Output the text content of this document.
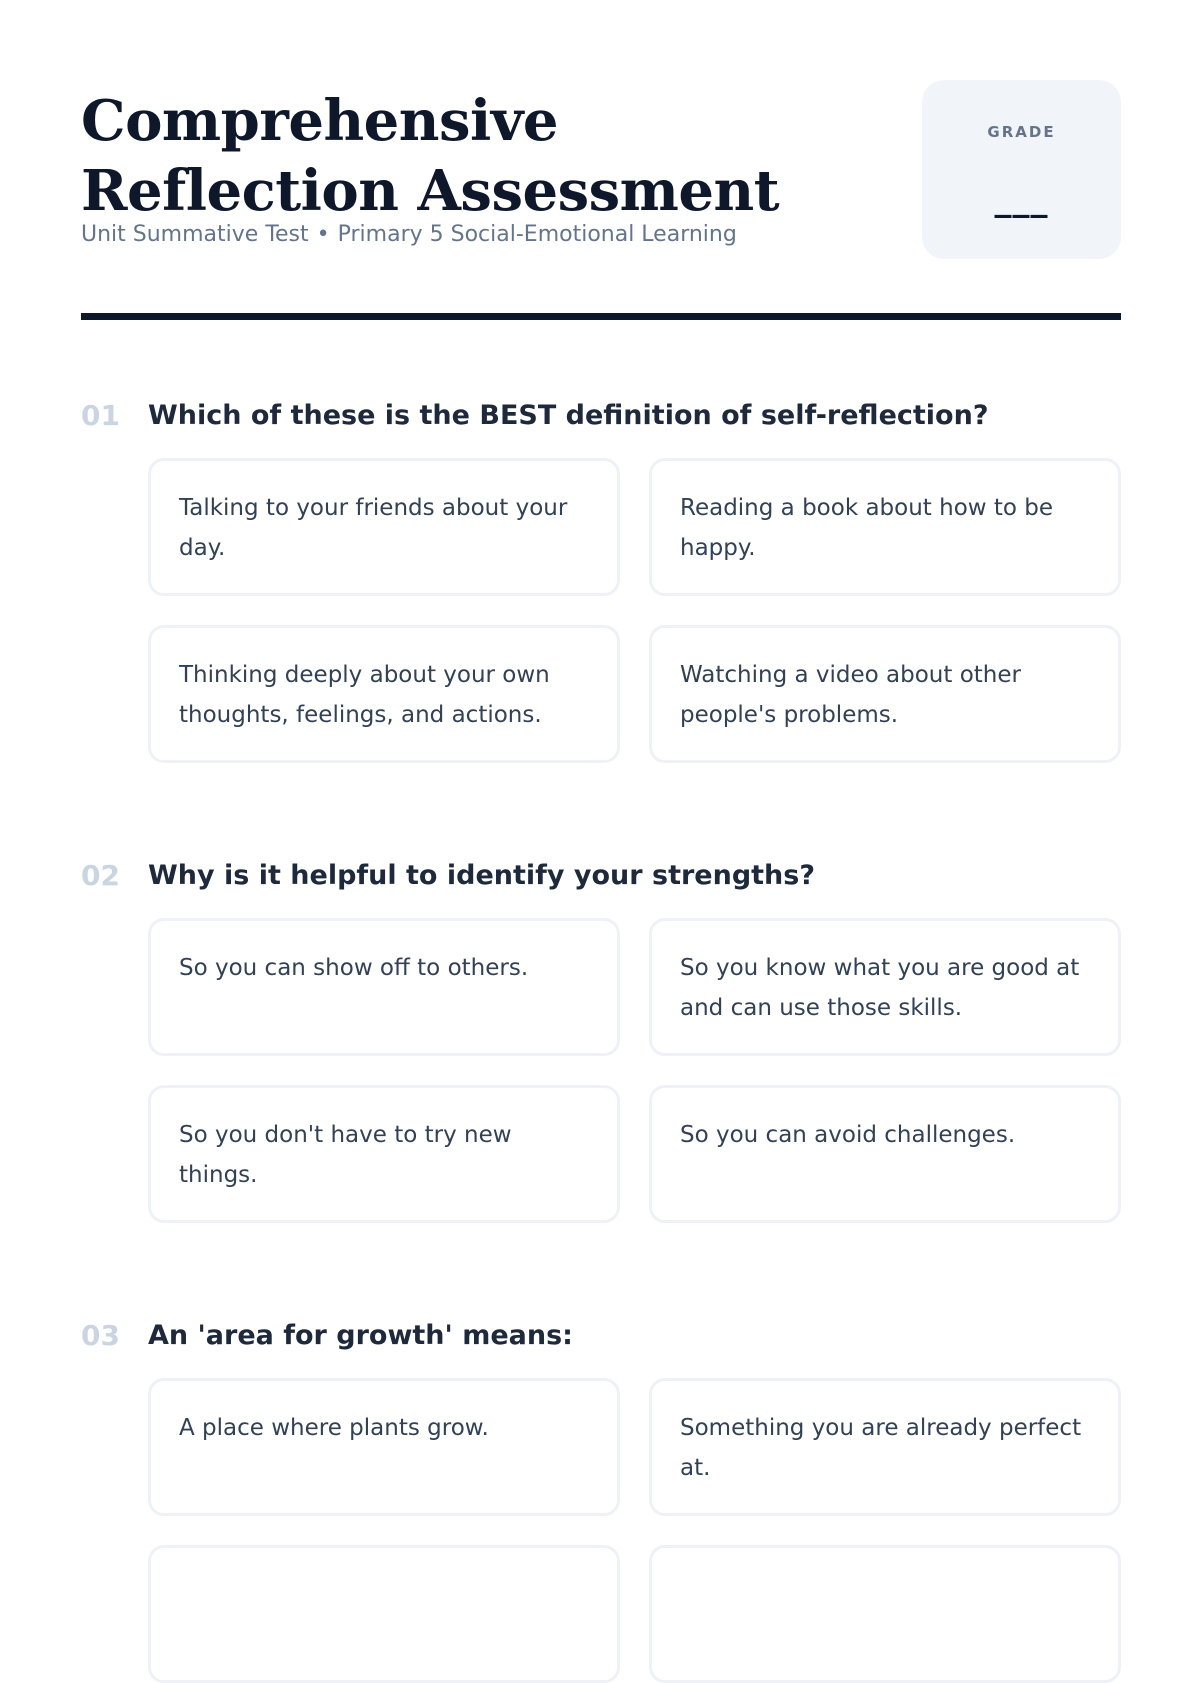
Comprehensive Reflection Assessment
Unit Summative Test • Primary 5 Social-Emotional Learning
GRADE
___
01 Which of these is the BEST definition of self-reflection?
Talking to your friends about your day.
Reading a book about how to be happy.
Thinking deeply about your own thoughts, feelings, and actions.
Watching a video about other people's problems.
02 Why is it helpful to identify your strengths?
So you can show off to others.	So you know what you are good at and can use those skills.
So you don't have to try new things.
So you can avoid challenges.
03 An 'area for growth' means:
A place where plants grow.	Something you are already perfect at.
